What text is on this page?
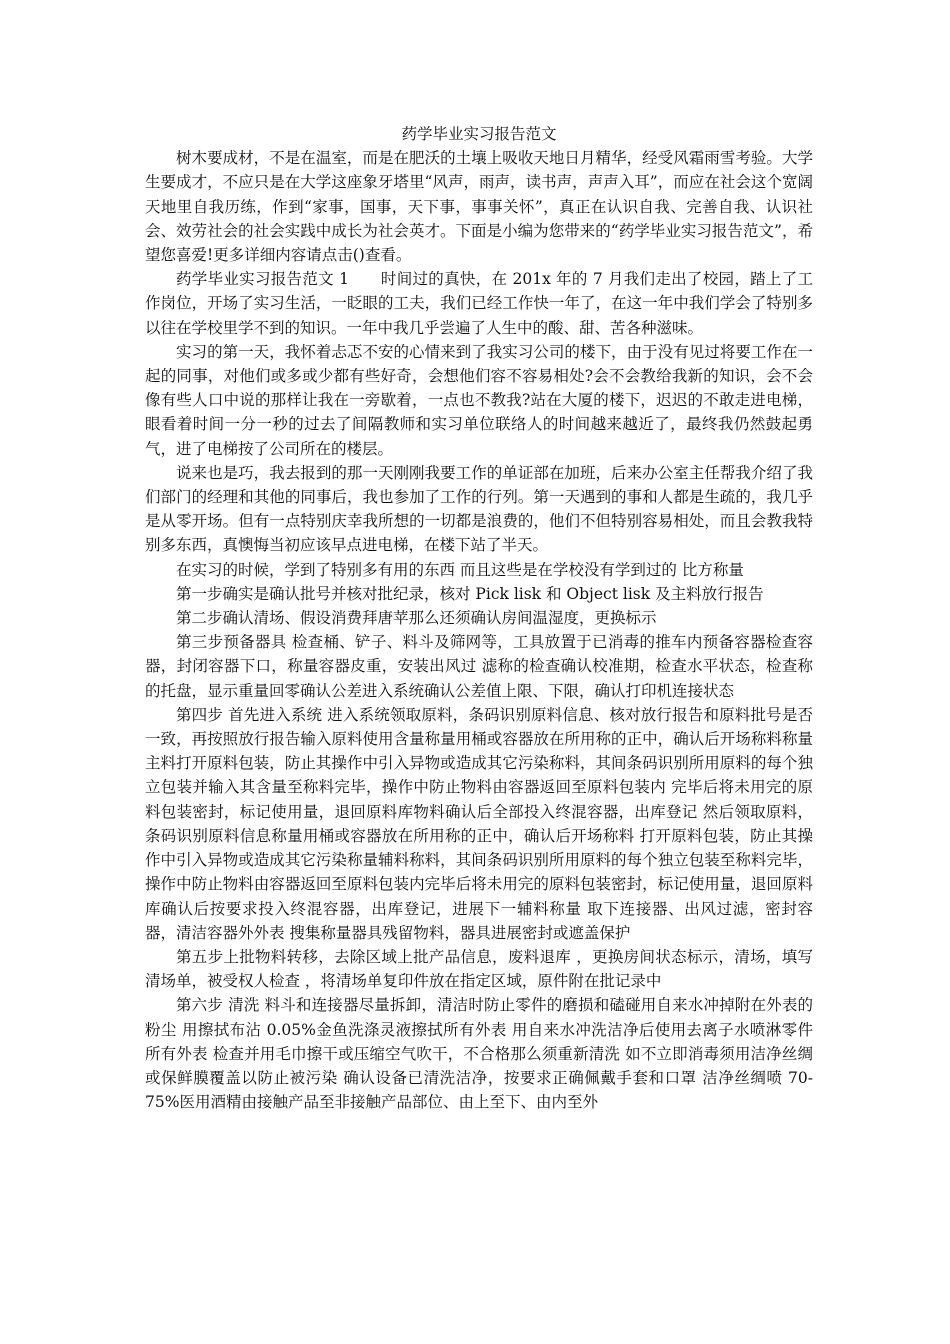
药学毕业实习报告范文

树木要成材，不是在温室，而是在肥沃的土壤上吸收天地日月精华，经受风霜雨雪考验。大学生要成才，不应只是在大学这座象牙塔里“风声，雨声，读书声，声声入耳”，而应在社会这个宽阔天地里自我历练，作到“家事，国事，天下事，事事关怀”，真正在认识自我、完善自我、认识社会、效劳社会的社会实践中成长为社会英才。下面是小编为您带来的“药学毕业实习报告范文”，希望您喜爱!更多详细内容请点击()查看。

药学毕业实习报告范文 1　　时间过的真快，在 201x 年的 7 月我们走出了校园，踏上了工作岗位，开场了实习生活，一眨眼的工夫，我们已经工作快一年了，在这一年中我们学会了特别多以往在学校里学不到的知识。一年中我几乎尝遍了人生中的酸、甜、苦各种滋味。

实习的第一天，我怀着忐忑不安的心情来到了我实习公司的楼下，由于没有见过将要工作在一起的同事，对他们或多或少都有些好奇，会想他们容不容易相处?会不会教给我新的知识，会不会像有些人口中说的那样让我在一旁歇着，一点也不教我?站在大厦的楼下，迟迟的不敢走进电梯，眼看着时间一分一秒的过去了间隔教师和实习单位联络人的时间越来越近了，最终我仍然鼓起勇气，进了电梯按了公司所在的楼层。

说来也是巧，我去报到的那一天刚刚我要工作的单证部在加班，后来办公室主任帮我介绍了我们部门的经理和其他的同事后，我也参加了工作的行列。第一天遇到的事和人都是生疏的，我几乎是从零开场。但有一点特别庆幸我所想的一切都是浪费的，他们不但特别容易相处，而且会教我特别多东西，真懊悔当初应该早点进电梯，在楼下站了半天。

在实习的时候，学到了特别多有用的东西 而且这些是在学校没有学到过的 比方称量

第一步确实是确认批号并核对批纪录，核对 Pick lisk 和 Object lisk 及主料放行报告

第二步确认清场、假设消费拜唐苹那么还须确认房间温湿度，更换标示

第三步预备器具 检查桶、铲子、料斗及筛网等，工具放置于已消毒的推车内预备容器检查容器，封闭容器下口，称量容器皮重，安装出风过 滤称的检查确认校准期，检查水平状态，检查称的托盘，显示重量回零确认公差进入系统确认公差值上限、下限，确认打印机连接状态

第四步 首先进入系统 进入系统领取原料，条码识别原料信息、核对放行报告和原料批号是否一致，再按照放行报告输入原料使用含量称量用桶或容器放在所用称的正中，确认后开场称料称量主料打开原料包装，防止其操作中引入异物或造成其它污染称料，其间条码识别所用原料的每个独立包装并输入其含量至称料完毕，操作中防止物料由容器返回至原料包装内 完毕后将未用完的原料包装密封，标记使用量，退回原料库物料确认后全部投入终混容器，出库登记 然后领取原料，条码识别原料信息称量用桶或容器放在所用称的正中，确认后开场称料 打开原料包装，防止其操作中引入异物或造成其它污染称量辅料称料，其间条码识别所用原料的每个独立包装至称料完毕，操作中防止物料由容器返回至原料包装内完毕后将未用完的原料包装密封，标记使用量，退回原料库确认后按要求投入终混容器，出库登记，进展下一辅料称量 取下连接器、出风过滤，密封容器，清洁容器外外表 搜集称量器具残留物料，器具进展密封或遮盖保护

第五步上批物料转移，去除区域上批产品信息，废料退库 ，更换房间状态标示，清场，填写清场单，被受权人检查 ，将清场单复印件放在指定区域，原件附在批记录中

第六步 清洗 料斗和连接器尽量拆卸，清洁时防止零件的磨损和磕碰用自来水冲掉附在外表的粉尘 用擦拭布沾 0.05%金鱼洗涤灵液擦拭所有外表 用自来水冲洗洁净后使用去离子水喷淋零件所有外表 检查并用毛巾擦干或压缩空气吹干，不合格那么须重新清洗 如不立即消毒须用洁净丝绸或保鲜膜覆盖以防止被污染 确认设备已清洗洁净，按要求正确佩戴手套和口罩 洁净丝绸喷 70-75%医用酒精由接触产品至非接触产品部位、由上至下、由内至外
